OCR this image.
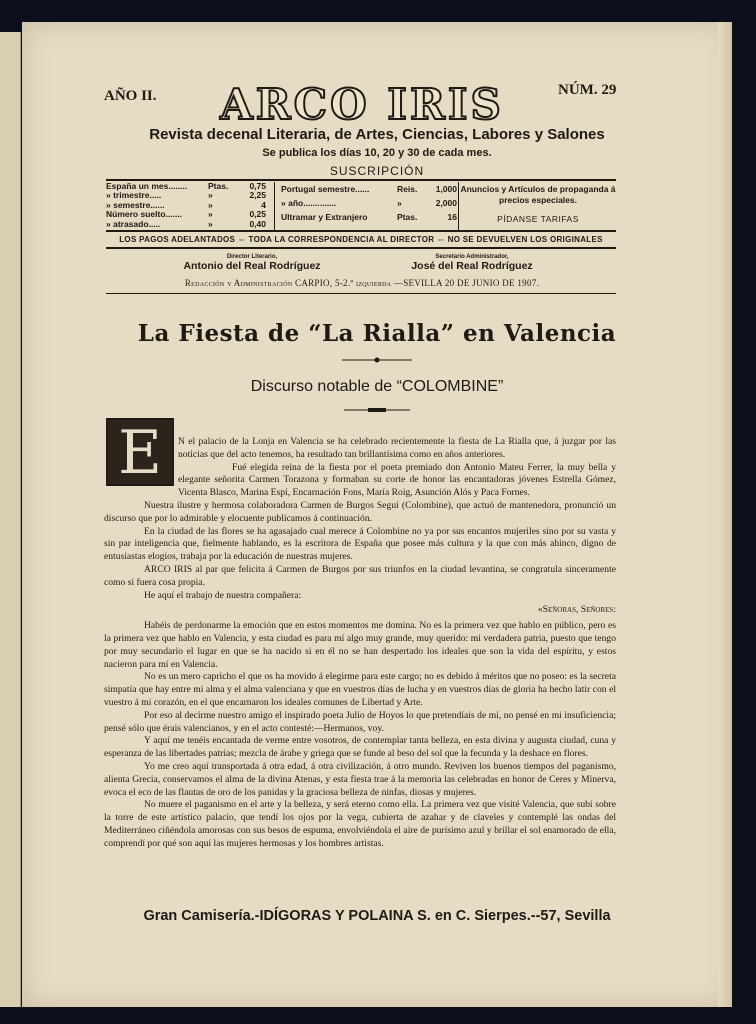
AÑO II.	ARCO IRIS	NÚM. 29
Revista decenal Literaria, de Artes, Ciencias, Labores y Salones
Se publica los días 10, 20 y 30 de cada mes.
SUSCRIPCIÓN
España un mes........	Ptas.	0,75
» trimestre.....	»	2,25
» semestre......	»	4
Número suelto.......	»	0,25
» atrasado.....	»	0,40
Portugal semestre......	Reis.	1,000
» año..............	»	2,000
Ultramar y Extranjero	Ptas.	16
Anuncios y Artículos de propaganda á precios especiales.
PÍDANSE TARIFAS
LOS PAGOS ADELANTADOS ⇔ TODA LA CORRESPONDENCIA AL DIRECTOR ⇔ NO SE DEVUELVEN LOS ORIGINALES
Director Literario,
Antonio del Real Rodríguez
Secretario Administrador,
José del Real Rodríguez
Redacción y Administración CARPIO, 5-2.º izquierda —SEVILLA 20 DE JUNIO DE 1907.
La Fiesta de “La Rialla” en Valencia
Discurso notable de “COLOMBINE”
E	N el palacio de la Lonja en Valencia se ha celebrado recientemente la fiesta de La Rialla que, á juzgar por las noticias que del acto tenemos, ha resultado tan brillantísima como en años anteriores.

Fué elegida reina de la fiesta por el poeta premiado don Antonio Mateu Ferrer, la muy bella y elegante señorita Carmen Torazona y formaban su corte de honor las encantadoras jóvenes Estrella Gómez, Vicenta Blasco, Marina Espí, Encarnación Fons, María Roig, Asunción Alós y Paca Fornes.

Nuestra ilustre y hermosa colaboradora Carmen de Burgos Seguí (Colombine), que actuó de mantenedora, pronunció un discurso que por lo admirable y elocuente publicamos á continuación.

En la ciudad de las flores se ha agasajado cual merece á Colombine no ya por sus encantos mujeriles sino por su vasta y sin par inteligencia que, fielmente hablando, es la escritora de España que posee más cultura y la que con más ahinco, digno de entusiastas elogios, trabaja por la educación de nuestras mujeres.

ARCO IRIS al par que felicita á Carmen de Burgos por sus triunfos en la ciudad levantina, se congratula sinceramente como si fuera cosa propia.

He aquí el trabajo de nuestra compañera:

«Señoras, Señores:

Habéis de perdonarme la emoción que en estos momentos me domina. No es la primera vez que hablo en público, pero es la primera vez que hablo en Valencia, y esta ciudad es para mí algo muy grande, muy querido: mi verdadera patria, puesto que tengo por muy secundario el lugar en que se ha nacido si en él no se han despertado los ideales que son la vida del espíritu, y estos nacieron para mí en Valencia.

No es un mero capricho el que os ha movido á elegirme para este cargo; no es debido á méritos que no poseo: es la secreta simpatía que hay entre mi alma y el alma valenciana y que en vuestros días de lucha y en vuestros días de gloria ha hecho latir con el vuestro á mi corazón, en el que encarnaron los ideales comunes de Libertad y Arte.

Por eso al decirme nuestro amigo el inspirado poeta Julio de Hoyos lo que pretendíais de mí, no pensé en mi insuficiencia; pensé sólo que érais valencianos, y en el acto contesté:—Hermanos, voy.

Y aquí me tenéis encantada de verme entre vosotros, de contemplar tanta belleza, en esta divina y augusta ciudad, cuna y esperanza de las libertades patrias; mezcla de árabe y griega que se funde al beso del sol que la fecunda y la deshace en flores.

Yo me creo aquí transportada á otra edad, á otra civilización, á otro mundo. Reviven los buenos tiempos del paganismo, alienta Grecia, conservamos el alma de la divina Atenas, y esta fiesta trae á la memoria las celebradas en honor de Ceres y Minerva, evoca el eco de las flautas de oro de los panidas y la graciosa belleza de ninfas, diosas y mujeres.

No muere el paganismo en el arte y la belleza, y será eterno como ella. La primera vez que visité Valencia, que subí sobre la torre de este artístico palacio, que tendí los ojos por la vega, cubierta de azahar y de claveles y contemplé las ondas del Mediterráneo ciñéndola amorosas con sus besos de espuma, envolviéndola el aire de purísimo azul y brillar el sol enamorado de ella, comprendí por qué son aquí las mujeres hermosas y los hombres artistas.

Gran Camisería.-IDÍGORAS Y POLAINA S. en C. Sierpes.--57, Sevilla
